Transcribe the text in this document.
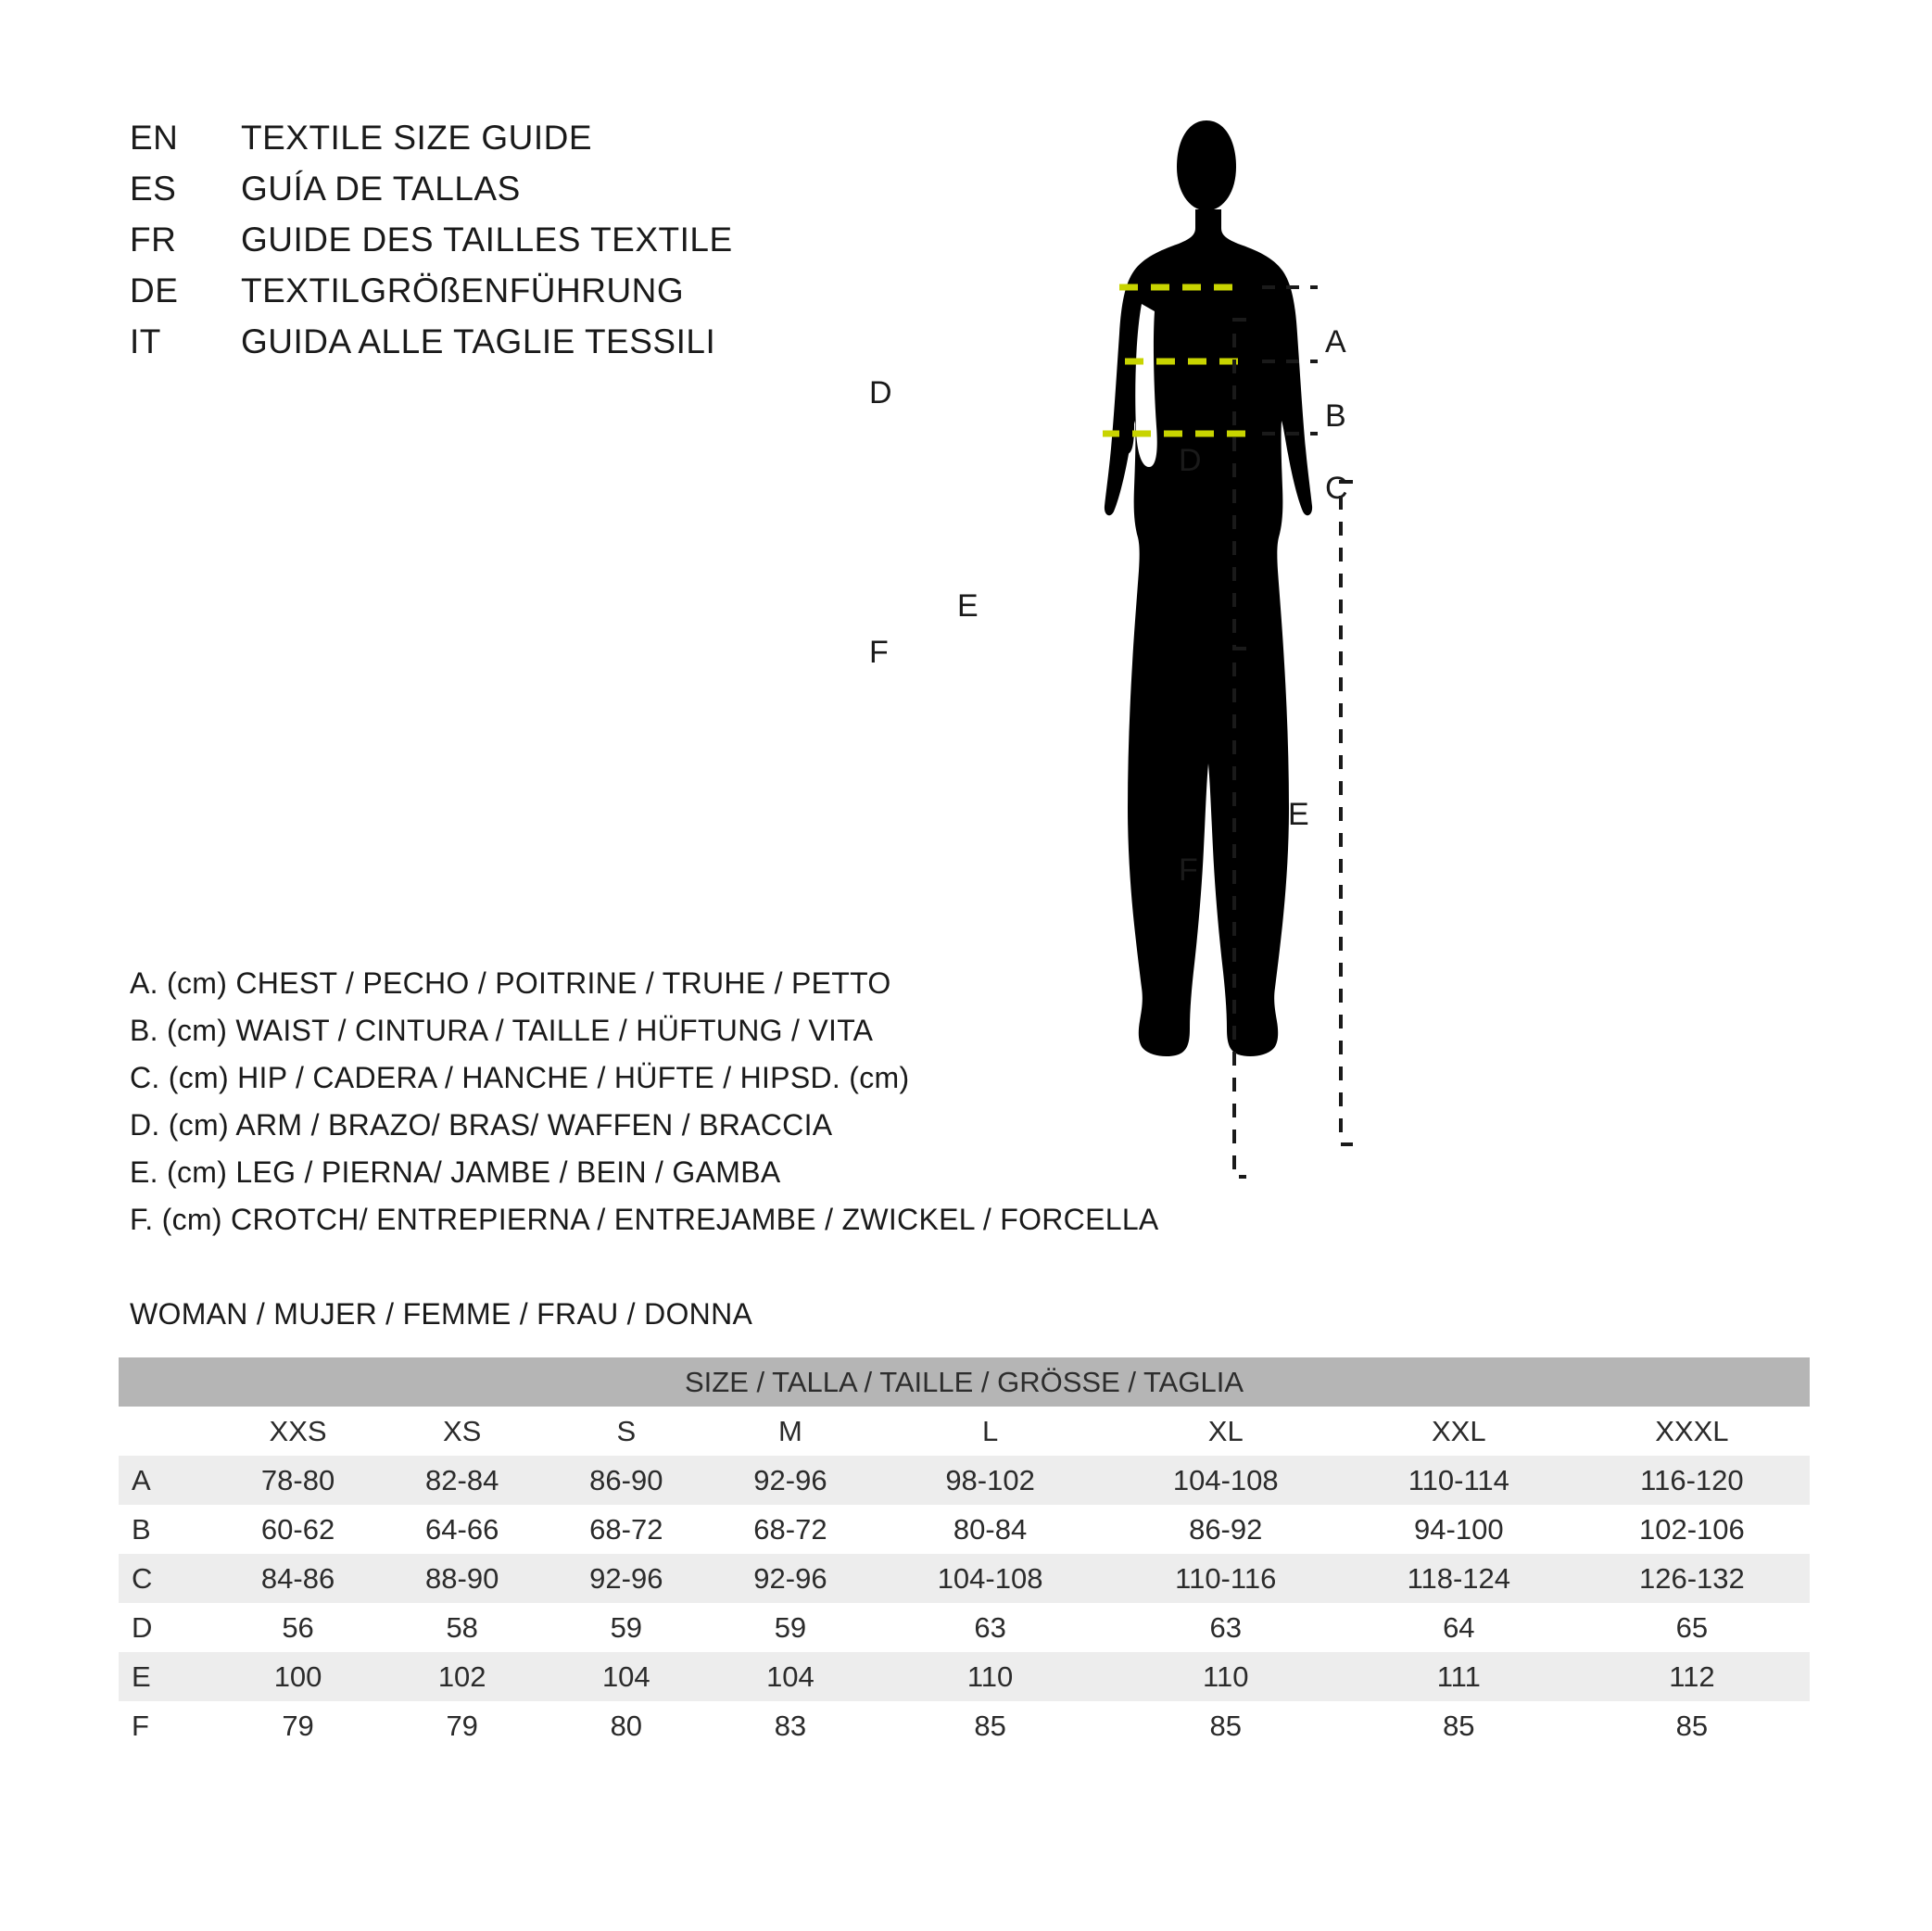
EN	TEXTILE SIZE GUIDE
ES	GUÍA DE TALLAS
FR	GUIDE DES TAILLES TEXTILE
DE	TEXTILGRÖßENFÜHRUNG
IT	GUIDA ALLE TAGLIE TESSILI
A. (cm) CHEST / PECHO / POITRINE / TRUHE / PETTO
B. (cm) WAIST / CINTURA / TAILLE / HÜFTUNG / VITA
C. (cm) HIP / CADERA / HANCHE / HÜFTE / HIPSD. (cm)
D. (cm) ARM / BRAZO/ BRAS/ WAFFEN / BRACCIA
E. (cm) LEG / PIERNA/ JAMBE / BEIN / GAMBA
F. (cm) CROTCH/ ENTREPIERNA / ENTREJAMBE / ZWICKEL / FORCELLA
WOMAN / MUJER / FEMME / FRAU / DONNA
SIZE / TALLA / TAILLE / GRÖSSE / TAGLIA								
	XXS	XS	S	M	L	XL	XXL	XXXL
A	78-80	82-84	86-90	92-96	98-102	104-108	110-114	116-120
B	60-62	64-66	68-72	68-72	80-84	86-92	94-100	102-106
C	84-86	88-90	92-96	92-96	104-108	110-116	118-124	126-132
D	56	58	59	59	63	63	64	65
E	100	102	104	104	110	110	111	112
F	79	79	80	83	85	85	85	85
A
B
C
D
E
F
D
F
E
